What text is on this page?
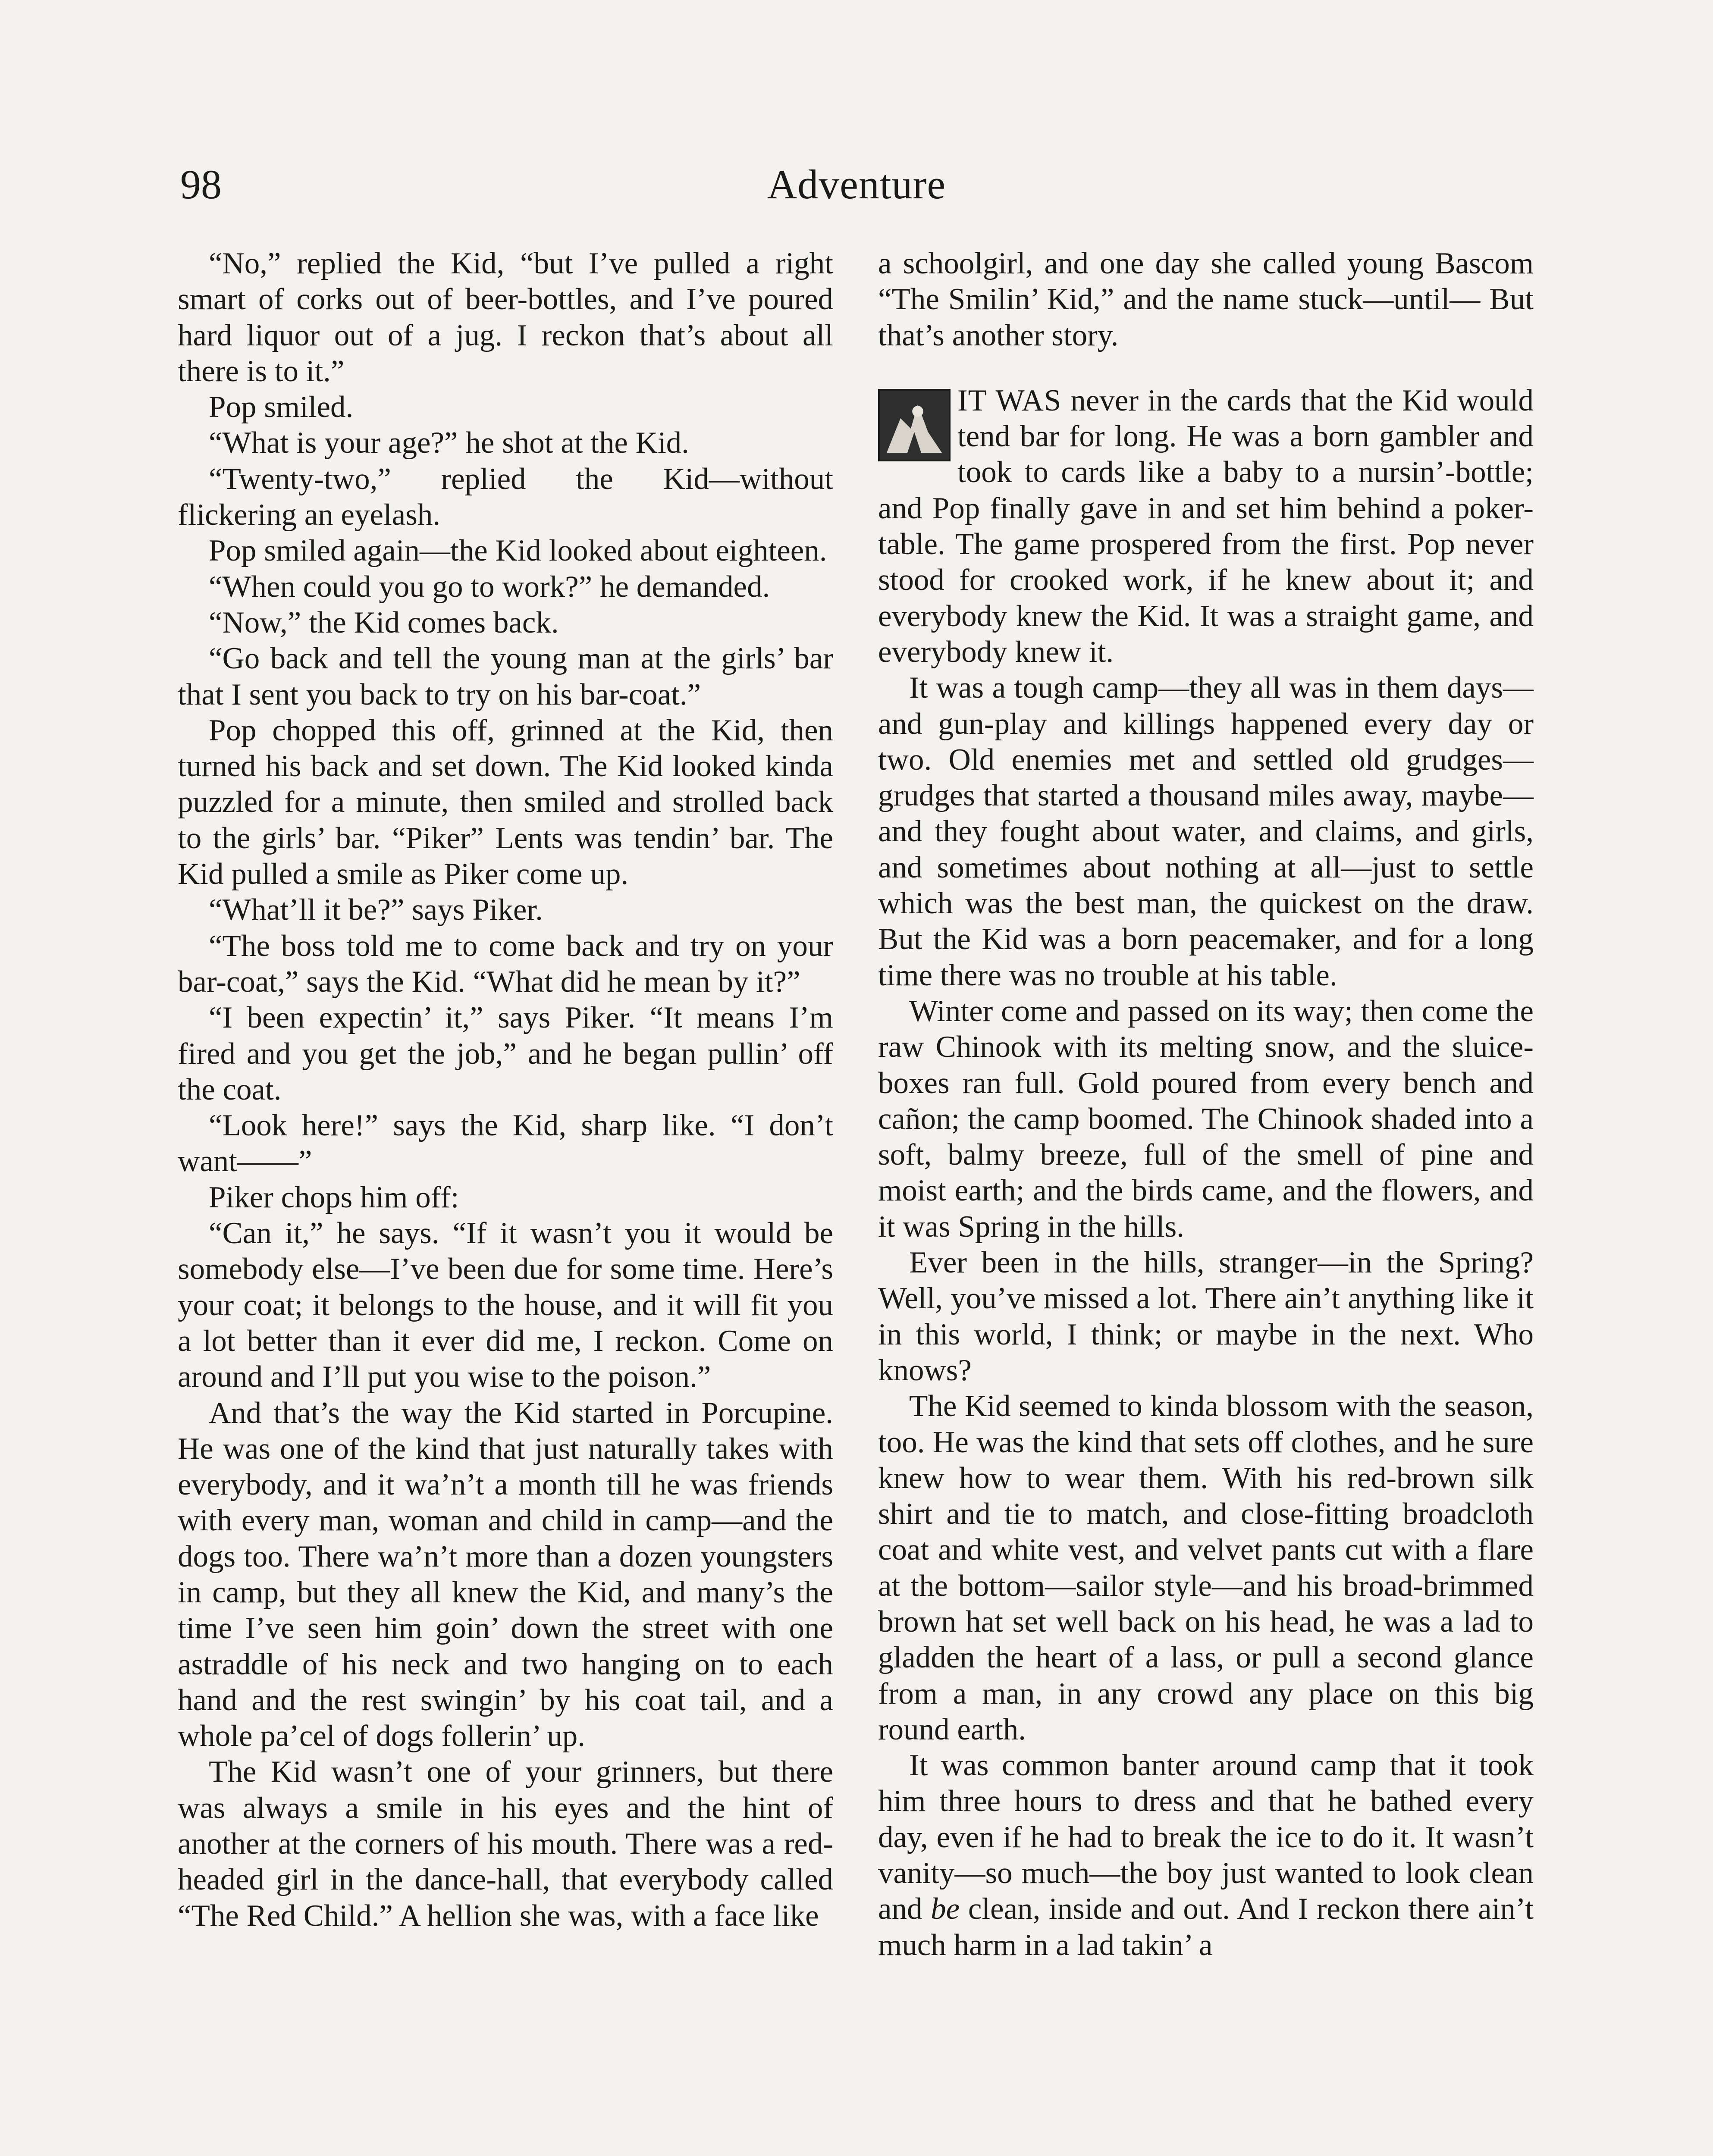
98	Adventure

“No,” replied the Kid, “but I’ve pulled a right smart of corks out of beer-bottles, and I’ve poured hard liquor out of a jug. I reckon that’s about all there is to it.”

Pop smiled.

“What is your age?” he shot at the Kid.

“Twenty-two,” replied the Kid—without flickering an eyelash.

Pop smiled again—the Kid looked about eighteen.

“When could you go to work?” he demanded.

“Now,” the Kid comes back.

“Go back and tell the young man at the girls’ bar that I sent you back to try on his bar-coat.”

Pop chopped this off, grinned at the Kid, then turned his back and set down. The Kid looked kinda puzzled for a minute, then smiled and strolled back to the girls’ bar. “Piker” Lents was tendin’ bar. The Kid pulled a smile as Piker come up.

“What’ll it be?” says Piker.

“The boss told me to come back and try on your bar-coat,” says the Kid. “What did he mean by it?”

“I been expectin’ it,” says Piker. “It means I’m fired and you get the job,” and he began pullin’ off the coat.

“Look here!” says the Kid, sharp like. “I don’t want——”

Piker chops him off:

“Can it,” he says. “If it wasn’t you it would be somebody else—I’ve been due for some time. Here’s your coat; it belongs to the house, and it will fit you a lot better than it ever did me, I reckon. Come on around and I’ll put you wise to the poison.”

And that’s the way the Kid started in Porcupine. He was one of the kind that just naturally takes with everybody, and it wa’n’t a month till he was friends with every man, woman and child in camp—and the dogs too. There wa’n’t more than a dozen youngsters in camp, but they all knew the Kid, and many’s the time I’ve seen him goin’ down the street with one astraddle of his neck and two hanging on to each hand and the rest swingin’ by his coat tail, and a whole pa’cel of dogs follerin’ up.

The Kid wasn’t one of your grinners, but there was always a smile in his eyes and the hint of another at the corners of his mouth. There was a red-headed girl in the dance-hall, that everybody called “The Red Child.” A hellion she was, with a face like

a schoolgirl, and one day she called young Bascom “The Smilin’ Kid,” and the name stuck—until— But that’s another story.

IT WAS never in the cards that the Kid would tend bar for long. He was a born gambler and took to cards like a baby to a nursin’-bottle; and Pop finally gave in and set him behind a poker-table. The game prospered from the first. Pop never stood for crooked work, if he knew about it; and everybody knew the Kid. It was a straight game, and everybody knew it.

It was a tough camp—they all was in them days—and gun-play and killings happened every day or two. Old enemies met and settled old grudges—grudges that started a thousand miles away, maybe—and they fought about water, and claims, and girls, and sometimes about nothing at all—just to settle which was the best man, the quickest on the draw. But the Kid was a born peacemaker, and for a long time there was no trouble at his table.

Winter come and passed on its way; then come the raw Chinook with its melting snow, and the sluice-boxes ran full. Gold poured from every bench and cañon; the camp boomed. The Chinook shaded into a soft, balmy breeze, full of the smell of pine and moist earth; and the birds came, and the flowers, and it was Spring in the hills.

Ever been in the hills, stranger—in the Spring? Well, you’ve missed a lot. There ain’t anything like it in this world, I think; or maybe in the next. Who knows?

The Kid seemed to kinda blossom with the season, too. He was the kind that sets off clothes, and he sure knew how to wear them. With his red-brown silk shirt and tie to match, and close-fitting broadcloth coat and white vest, and velvet pants cut with a flare at the bottom—sailor style—and his broad-brimmed brown hat set well back on his head, he was a lad to gladden the heart of a lass, or pull a second glance from a man, in any crowd any place on this big round earth.

It was common banter around camp that it took him three hours to dress and that he bathed every day, even if he had to break the ice to do it. It wasn’t vanity—so much—the boy just wanted to look clean and be clean, inside and out. And I reckon there ain’t much harm in a lad takin’ a
